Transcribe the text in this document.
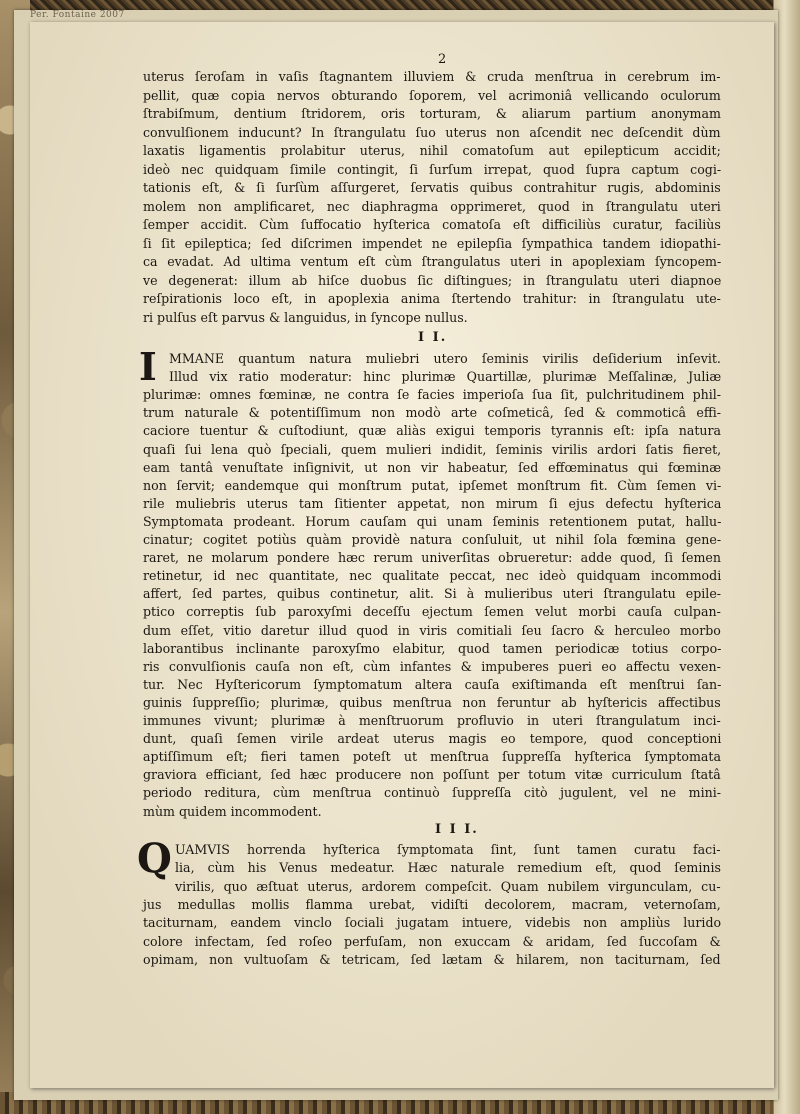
Per. Fontaine 2007
2
uterus ſeroſam in vaſis ſtagnantem illuviem & cruda menſtrua in cerebrum im-
pellit, quæ copia nervos obturando ſoporem, vel acrimoniâ vellicando oculorum
ſtrabiſmum, dentium ſtridorem, oris torturam, & aliarum partium anonymam
convulſionem inducunt? In ſtrangulatu ſuo uterus non aſcendit nec deſcendit dùm
laxatis ligamentis prolabitur uterus, nihil comatoſum aut epilepticum accidit;
ideò nec quidquam ſimile contingit, ſi ſurſum irrepat, quod ſupra captum cogi-
tationis eſt, & ſi ſurſùm aſſurgeret, ſervatis quibus contrahitur rugis, abdominis
molem non amplificaret, nec diaphragma opprimeret, quod in ſtrangulatu uteri
ſemper accidit. Cùm ſuffocatio hyſterica comatoſa eſt difficiliùs curatur, faciliùs
ſi ſit epileptica; ſed diſcrimen impendet ne epilepſia ſympathica tandem idiopathi-
ca evadat. Ad ultima ventum eſt cùm ſtrangulatus uteri in apoplexiam ſyncopem-
ve degenerat: illum ab hiſce duobus ſic diſtingues; in ſtrangulatu uteri diapnoe
reſpirationis loco eſt, in apoplexia anima ſtertendo trahitur: in ſtrangulatu ute-
ri pulſus eſt parvus & languidus, in ſyncope nullus.
I I.
I MMANE quantum natura muliebri utero ſeminis virilis deſiderium inſevit.
Illud vix ratio moderatur: hinc plurimæ Quartillæ, plurimæ Meſſalinæ, Juliæ
plurimæ: omnes fœminæ, ne contra ſe facies imperioſa ſua ſit, pulchritudinem phil-
trum naturale & potentiſſimum non modò arte coſmeticâ, ſed & commoticâ effi-
caciore tuentur & cuſtodiunt, quæ aliàs exigui temporis tyrannis eſt: ipſa natura
quaſi ſui lena quò ſpeciali, quem mulieri indidit, ſeminis virilis ardori ſatis fieret,
eam tantâ venuſtate inſignivit, ut non vir habeatur, ſed effœminatus qui fœminæ
non ſervit; eandemque qui monſtrum putat, ipſemet monſtrum fit. Cùm ſemen vi-
rile muliebris uterus tam ſitienter appetat, non mirum ſi ejus defectu hyſterica
Symptomata prodeant. Horum cauſam qui unam ſeminis retentionem putat, hallu-
cinatur; cogitet potiùs quàm providè natura conſuluit, ut nihil ſola fœmina gene-
raret, ne molarum pondere hæc rerum univerſitas obrueretur: adde quod, ſi ſemen
retinetur, id nec quantitate, nec qualitate peccat, nec ideò quidquam incommodi
affert, ſed partes, quibus continetur, alit. Si à mulieribus uteri ſtrangulatu epile-
ptico correptis ſub paroxyſmi deceſſu ejectum ſemen velut morbi cauſa culpan-
dum eſſet, vitio daretur illud quod in viris comitiali ſeu ſacro & herculeo morbo
laborantibus inclinante paroxyſmo elabitur, quod tamen periodicæ totius corpo-
ris convulſionis cauſa non eſt, cùm infantes & impuberes pueri eo affectu vexen-
tur. Nec Hyſtericorum ſymptomatum altera cauſa exiſtimanda eſt menſtrui ſan-
guinis ſuppreſſio; plurimæ, quibus menſtrua non feruntur ab hyſtericis affectibus
immunes vivunt; plurimæ à menſtruorum profluvio in uteri ſtrangulatum inci-
dunt, quaſi ſemen virile ardeat uterus magis eo tempore, quod conceptioni
aptiſſimum eſt; fieri tamen poteſt ut menſtrua ſuppreſſa hyſterica ſymptomata
graviora efficiant, ſed hæc producere non poſſunt per totum vitæ curriculum ſtatâ
periodo reditura, cùm menſtrua continuò ſuppreſſa citò jugulent, vel ne mini-
mùm quidem incommodent.
I I I.
Q UAMVIS horrenda hyſterica ſymptomata ſint, ſunt tamen curatu faci-
lia, cùm his Venus medeatur. Hæc naturale remedium eſt, quod ſeminis
virilis, quo æſtuat uterus, ardorem compeſcit. Quam nubilem virgunculam, cu-
jus medullas mollis flamma urebat, vidiſti decolorem, macram, veternoſam,
taciturnam, eandem vinclo ſociali jugatam intuere, videbis non ampliùs lurido
colore infectam, ſed roſeo perfuſam, non exuccam & aridam, ſed ſuccoſam &
opimam, non vultuoſam & tetricam, ſed lætam & hilarem, non taciturnam, ſed
